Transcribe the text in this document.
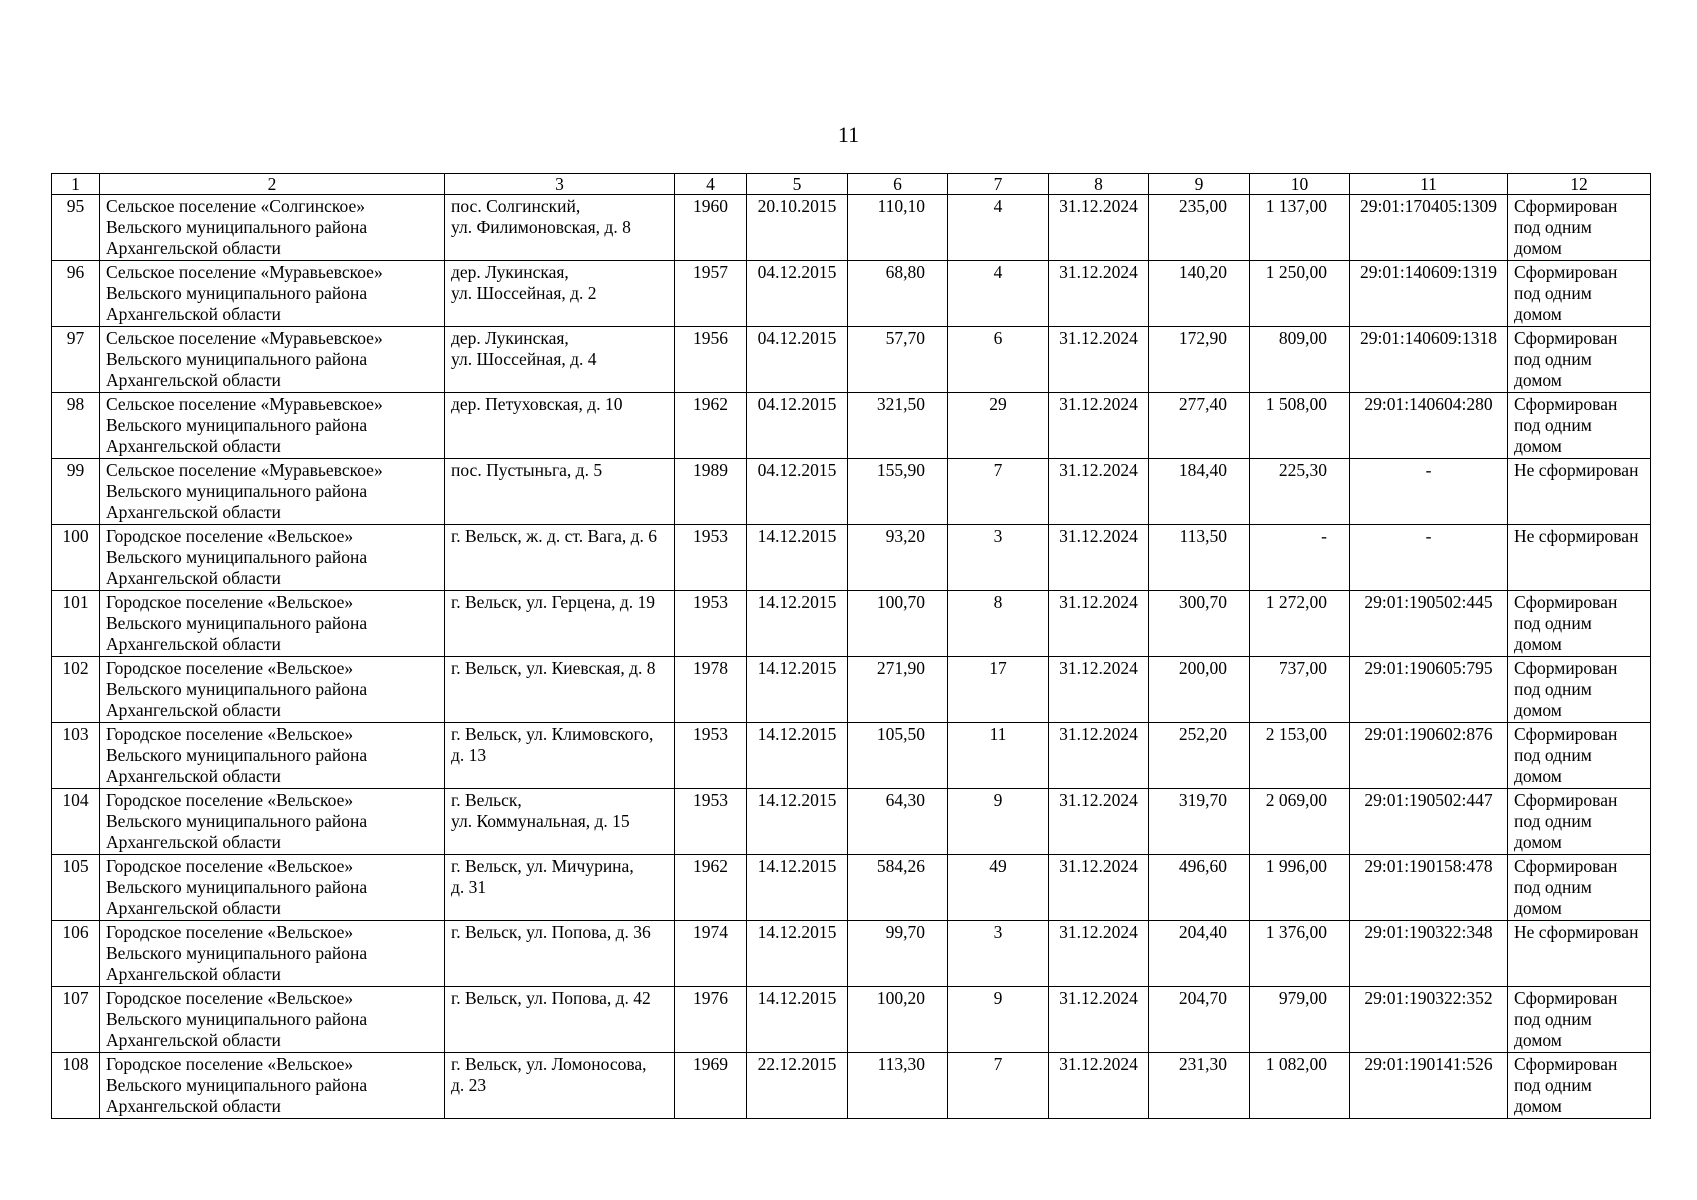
11
1	2	3	4	5	6	7	8	9	10	11	12
95	Сельское поселение «Солгинское»
Вельского муниципального района
Архангельской области	пос. Солгинский,
ул. Филимоновская, д. 8	1960	20.10.2015	110,10	4	31.12.2024	235,00	1 137,00	29:01:170405:1309	Сформирован
под одним домом
96	Сельское поселение «Муравьевское»
Вельского муниципального района
Архангельской области	дер. Лукинская,
ул. Шоссейная, д. 2	1957	04.12.2015	68,80	4	31.12.2024	140,20	1 250,00	29:01:140609:1319	Сформирован
под одним домом
97	Сельское поселение «Муравьевское»
Вельского муниципального района
Архангельской области	дер. Лукинская,
ул. Шоссейная, д. 4	1956	04.12.2015	57,70	6	31.12.2024	172,90	809,00	29:01:140609:1318	Сформирован
под одним домом
98	Сельское поселение «Муравьевское»
Вельского муниципального района
Архангельской области	дер. Петуховская, д. 10	1962	04.12.2015	321,50	29	31.12.2024	277,40	1 508,00	29:01:140604:280	Сформирован
под одним домом
99	Сельское поселение «Муравьевское»
Вельского муниципального района
Архангельской области	пос. Пустыньга, д. 5	1989	04.12.2015	155,90	7	31.12.2024	184,40	225,30	-	Не сформирован
100	Городское поселение «Вельское»
Вельского муниципального района
Архангельской области	г. Вельск, ж. д. ст. Вага, д. 6	1953	14.12.2015	93,20	3	31.12.2024	113,50	-	-	Не сформирован
101	Городское поселение «Вельское»
Вельского муниципального района
Архангельской области	г. Вельск, ул. Герцена, д. 19	1953	14.12.2015	100,70	8	31.12.2024	300,70	1 272,00	29:01:190502:445	Сформирован
под одним домом
102	Городское поселение «Вельское»
Вельского муниципального района
Архангельской области	г. Вельск, ул. Киевская, д. 8	1978	14.12.2015	271,90	17	31.12.2024	200,00	737,00	29:01:190605:795	Сформирован
под одним домом
103	Городское поселение «Вельское»
Вельского муниципального района
Архангельской области	г. Вельск, ул. Климовского,
д. 13	1953	14.12.2015	105,50	11	31.12.2024	252,20	2 153,00	29:01:190602:876	Сформирован
под одним домом
104	Городское поселение «Вельское»
Вельского муниципального района
Архангельской области	г. Вельск,
ул. Коммунальная, д. 15	1953	14.12.2015	64,30	9	31.12.2024	319,70	2 069,00	29:01:190502:447	Сформирован
под одним домом
105	Городское поселение «Вельское»
Вельского муниципального района
Архангельской области	г. Вельск, ул. Мичурина,
д. 31	1962	14.12.2015	584,26	49	31.12.2024	496,60	1 996,00	29:01:190158:478	Сформирован
под одним домом
106	Городское поселение «Вельское»
Вельского муниципального района
Архангельской области	г. Вельск, ул. Попова, д. 36	1974	14.12.2015	99,70	3	31.12.2024	204,40	1 376,00	29:01:190322:348	Не сформирован
107	Городское поселение «Вельское»
Вельского муниципального района
Архангельской области	г. Вельск, ул. Попова, д. 42	1976	14.12.2015	100,20	9	31.12.2024	204,70	979,00	29:01:190322:352	Сформирован
под одним домом
108	Городское поселение «Вельское»
Вельского муниципального района
Архангельской области	г. Вельск, ул. Ломоносова,
д. 23	1969	22.12.2015	113,30	7	31.12.2024	231,30	1 082,00	29:01:190141:526	Сформирован
под одним домом
